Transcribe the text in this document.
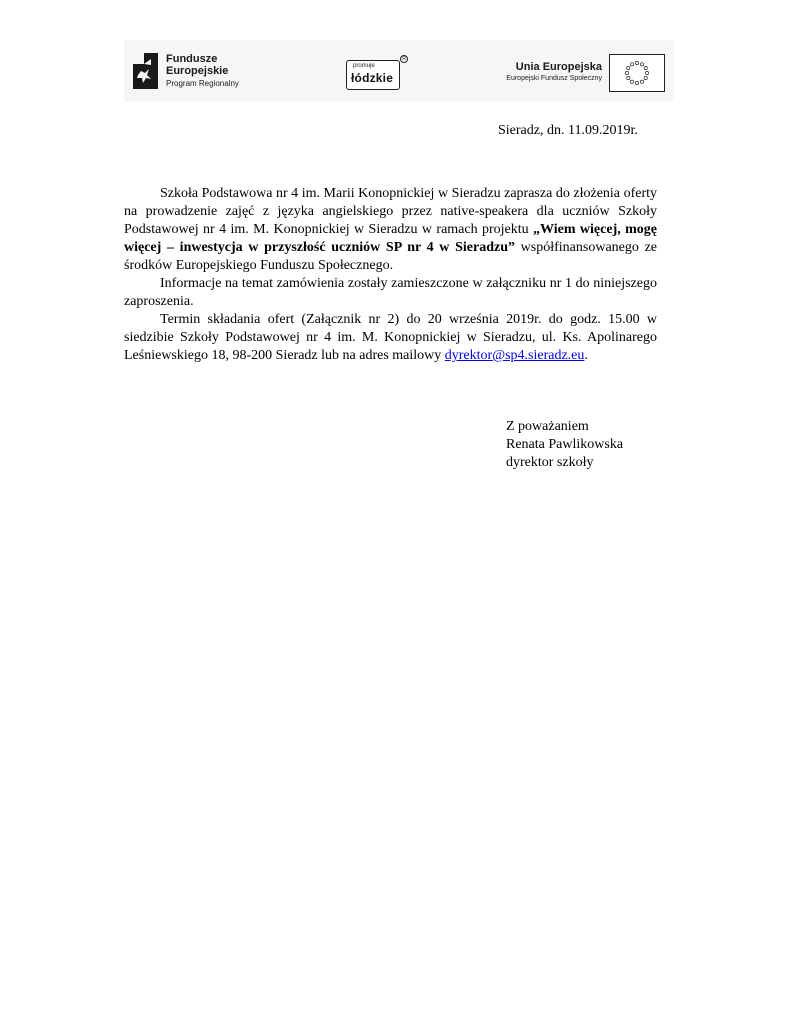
Fundusze
Europejskie
Program Regionalny
promuje
łódzkie
R
Unia Europejska
Europejski Fundusz Społeczny
Sieradz, dn. 11.09.2019r.

Szkoła Podstawowa nr 4 im. Marii Konopnickiej w Sieradzu zaprasza do złożenia oferty na prowadzenie zajęć z języka angielskiego przez native-speakera dla uczniów Szkoły Podstawowej nr 4 im. M. Konopnickiej w Sieradzu w ramach projektu „Wiem więcej, mogę więcej – inwestycja w przyszłość uczniów SP nr 4 w Sieradzu” współfinansowanego ze środków Europejskiego Funduszu Społecznego.

Informacje na temat zamówienia zostały zamieszczone w załączniku nr 1 do niniejszego zaproszenia.

Termin składania ofert (Załącznik nr 2) do 20 września 2019r. do godz. 15.00 w siedzibie Szkoły Podstawowej nr 4 im. M. Konopnickiej w Sieradzu, ul. Ks. Apolinarego Leśniewskiego 18, 98-200 Sieradz lub na adres mailowy dyrektor@sp4.sieradz.eu.

Z poważaniem
Renata Pawlikowska
dyrektor szkoły
